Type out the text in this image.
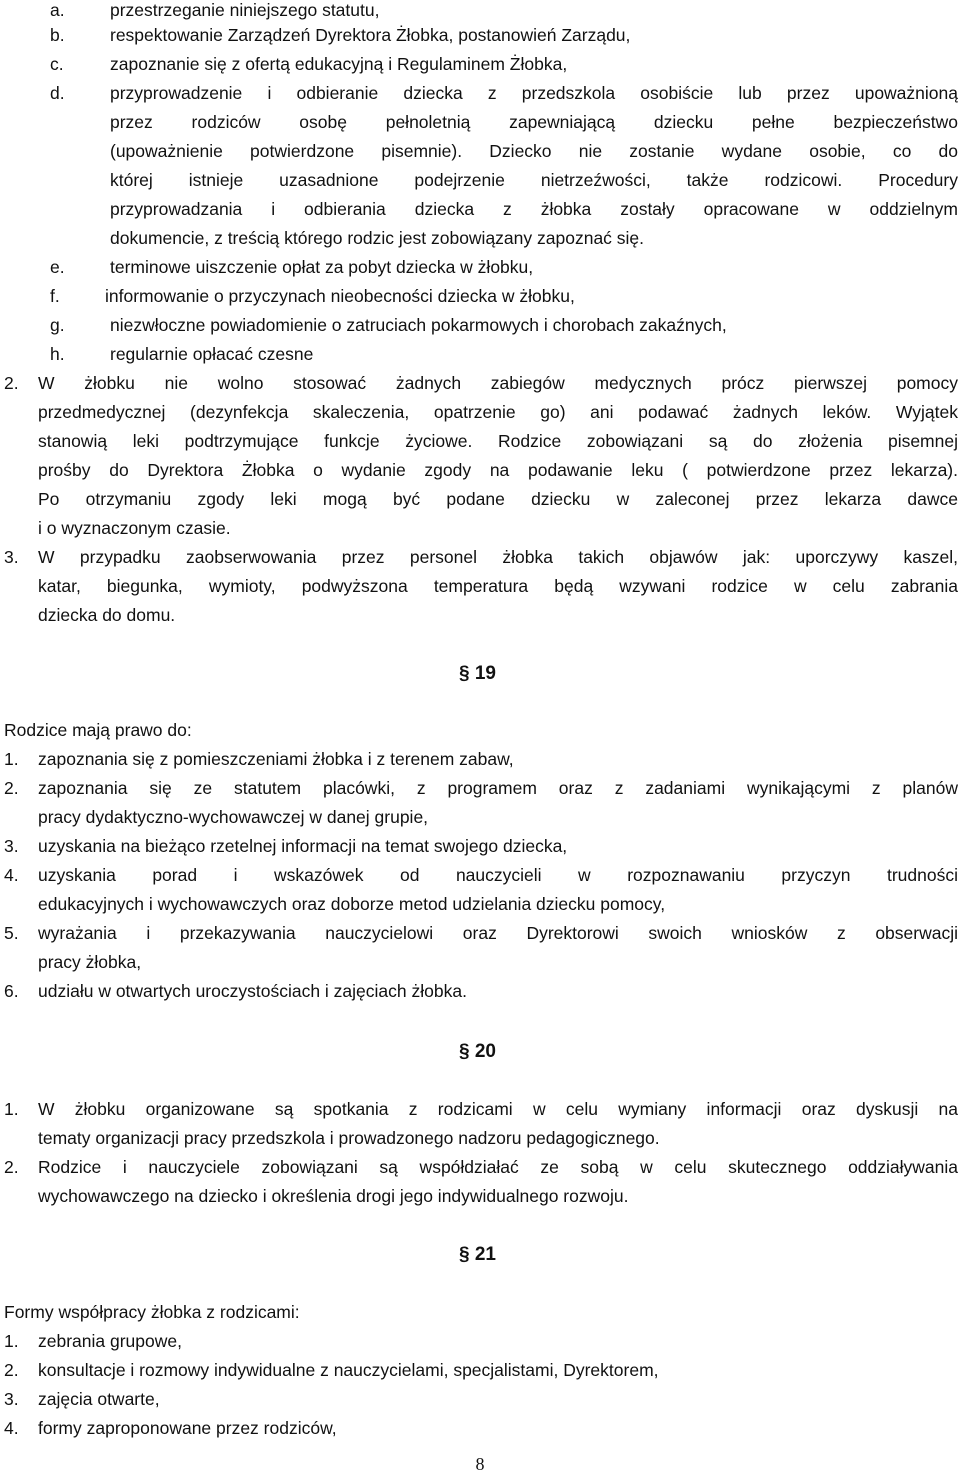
a.	przestrzeganie niniejszego statutu,
b.	respektowanie Zarządzeń Dyrektora Żłobka, postanowień Zarządu,
c.	zapoznanie się z ofertą edukacyjną i Regulaminem Żłobka,
d.	przyprowadzenie i odbieranie dziecka z przedszkola osobiście lub przez upoważnioną
przez rodziców osobę pełnoletnią zapewniającą dziecku pełne bezpieczeństwo
(upoważnienie potwierdzone pisemnie). Dziecko nie zostanie wydane osobie, co do
której istnieje uzasadnione podejrzenie nietrzeźwości, także rodzicowi. Procedury
przyprowadzania i odbierania dziecka z żłobka zostały opracowane w oddzielnym
dokumencie, z treścią którego rodzic jest zobowiązany zapoznać się.
e.	terminowe uiszczenie opłat za pobyt dziecka w żłobku,
f.	informowanie o przyczynach nieobecności dziecka w żłobku,
g.	niezwłoczne powiadomienie o zatruciach pokarmowych i chorobach zakaźnych,
h.	regularnie opłacać czesne
2.	W żłobku nie wolno stosować żadnych zabiegów medycznych prócz pierwszej pomocy
przedmedycznej (dezynfekcja skaleczenia, opatrzenie go) ani podawać żadnych leków. Wyjątek
stanowią leki podtrzymujące funkcje życiowe. Rodzice zobowiązani są do złożenia pisemnej
prośby do Dyrektora Żłobka o wydanie zgody na podawanie leku ( potwierdzone przez lekarza).
Po otrzymaniu zgody leki mogą być podane dziecku w zaleconej przez lekarza dawce
i o wyznaczonym czasie.
3.	W przypadku zaobserwowania przez personel żłobka takich objawów jak: uporczywy kaszel,
katar, biegunka, wymioty, podwyższona temperatura będą wzywani rodzice w celu zabrania
dziecka do domu.
§ 19
Rodzice mają prawo do:
1.	zapoznania się z pomieszczeniami żłobka i z terenem zabaw,
2.	zapoznania się ze statutem placówki, z programem oraz z zadaniami wynikającymi z planów
pracy dydaktyczno-wychowawczej w danej grupie,
3.	uzyskania na bieżąco rzetelnej informacji na temat swojego dziecka,
4.	uzyskania porad i wskazówek od nauczycieli w rozpoznawaniu przyczyn trudności
edukacyjnych i wychowawczych oraz doborze metod udzielania dziecku pomocy,
5.	wyrażania i przekazywania nauczycielowi oraz Dyrektorowi swoich wniosków z obserwacji
pracy żłobka,
6.	udziału w otwartych uroczystościach i zajęciach żłobka.
§ 20
1.	W żłobku organizowane są spotkania z rodzicami w celu wymiany informacji oraz dyskusji na
tematy organizacji pracy przedszkola i prowadzonego nadzoru pedagogicznego.
2.	Rodzice i nauczyciele zobowiązani są współdziałać ze sobą w celu skutecznego oddziaływania
wychowawczego na dziecko i określenia drogi jego indywidualnego rozwoju.
§ 21
Formy współpracy żłobka z rodzicami:
1.	zebrania grupowe,
2.	konsultacje i rozmowy indywidualne z nauczycielami, specjalistami, Dyrektorem,
3.	zajęcia otwarte,
4.	formy zaproponowane przez rodziców,
8
